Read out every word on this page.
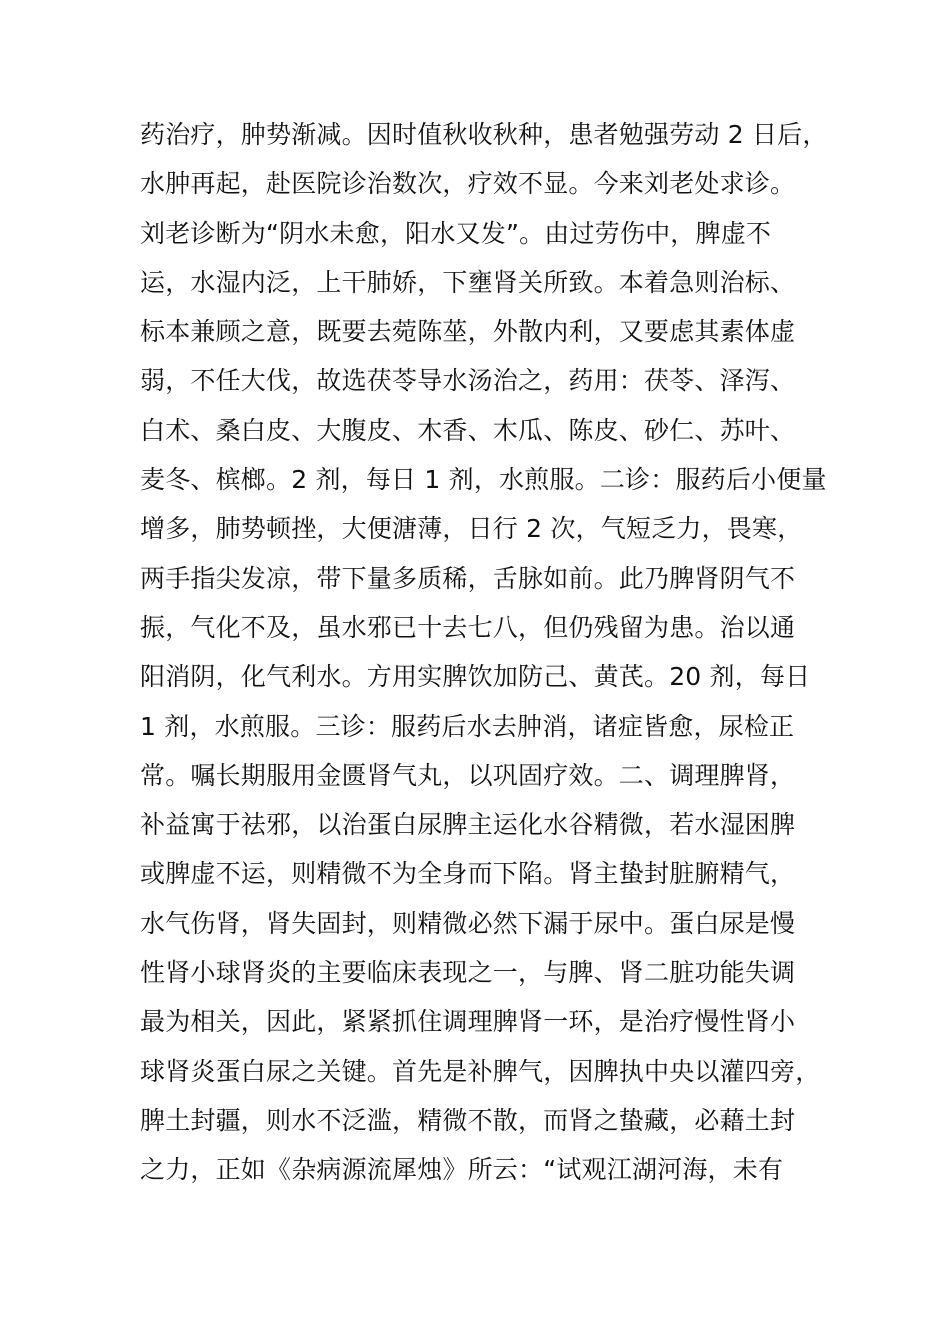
药治疗，肿势渐减。因时值秋收秋种，患者勉强劳动 2 日后，
水肿再起，赴医院诊治数次，疗效不显。今来刘老处求诊。
刘老诊断为“阴水未愈，阳水又发”。由过劳伤中，脾虚不
运，水湿内泛，上干肺娇，下壅肾关所致。本着急则治标、
标本兼顾之意，既要去菀陈莝，外散内利，又要虑其素体虚
弱，不任大伐，故选茯苓导水汤治之，药用：茯苓、泽泻、
白术、桑白皮、大腹皮、木香、木瓜、陈皮、砂仁、苏叶、
麦冬、槟榔。2 剂，每日 1 剂，水煎服。二诊：服药后小便量
增多，肺势顿挫，大便溏薄，日行 2 次，气短乏力，畏寒，
两手指尖发凉，带下量多质稀，舌脉如前。此乃脾肾阴气不
振，气化不及，虽水邪已十去七八，但仍残留为患。治以通
阳消阴，化气利水。方用实脾饮加防己、黄芪。20 剂，每日
1 剂，水煎服。三诊：服药后水去肿消，诸症皆愈，尿检正
常。嘱长期服用金匮肾气丸，以巩固疗效。二、调理脾肾，
补益寓于祛邪，以治蛋白尿脾主运化水谷精微，若水湿困脾
或脾虚不运，则精微不为全身而下陷。肾主蛰封脏腑精气，
水气伤肾，肾失固封，则精微必然下漏于尿中。蛋白尿是慢
性肾小球肾炎的主要临床表现之一，与脾、肾二脏功能失调
最为相关，因此，紧紧抓住调理脾肾一环，是治疗慢性肾小
球肾炎蛋白尿之关键。首先是补脾气，因脾执中央以灌四旁，
脾土封疆，则水不泛滥，精微不散，而肾之蛰藏，必藉土封
之力，正如《杂病源流犀烛》所云：“试观江湖河海，未有
